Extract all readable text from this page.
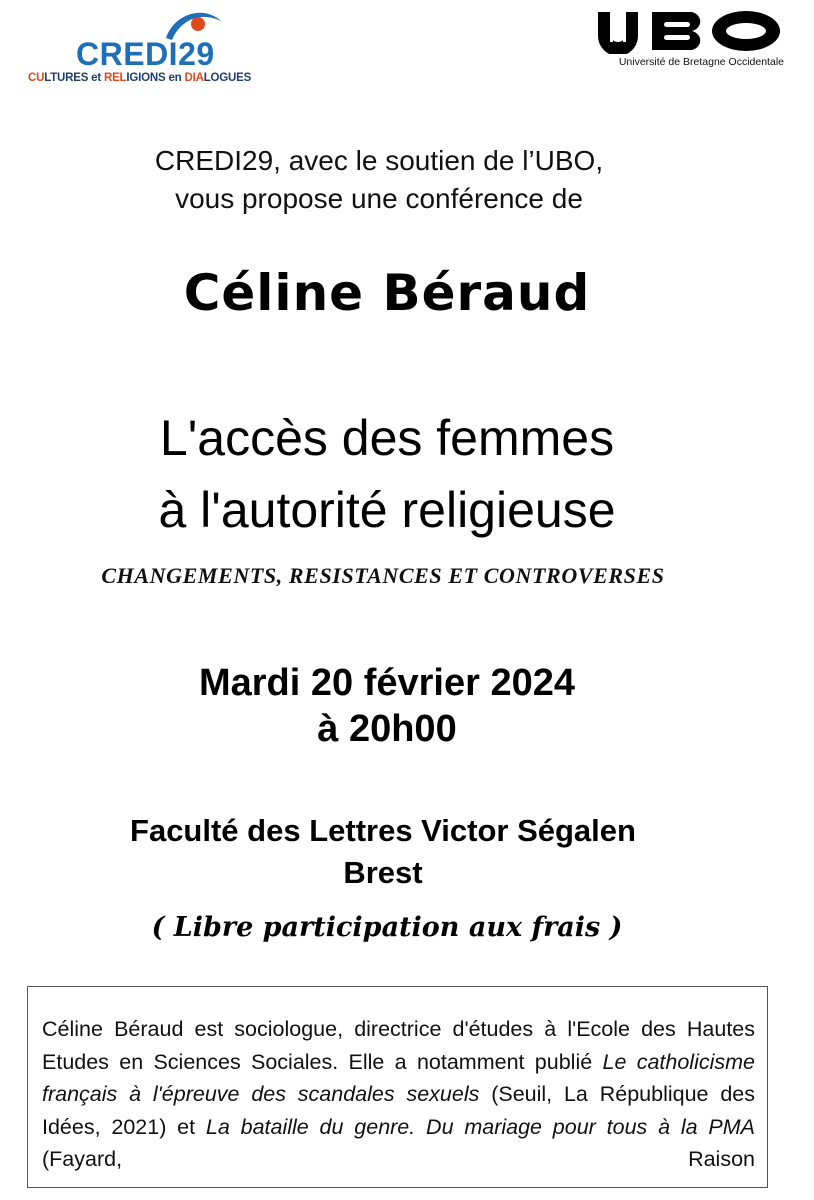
CREDI29
CULTURES et RELIGIONS en DIALOGUES
Université de Bretagne Occidentale
CREDI29, avec le soutien de l’UBO,
vous propose une conférence de
Céline Béraud
L'accès des femmes
à l'autorité religieuse
CHANGEMENTS, RESISTANCES ET CONTROVERSES
Mardi 20 février 2024
à 20h00
Faculté des Lettres Victor Ségalen
Brest
( Libre participation aux frais )
Céline Béraud est sociologue, directrice d'études à l'Ecole des Hautes Etudes en Sciences Sociales. Elle a notamment publié Le catholicisme français à l'épreuve des scandales sexuels (Seuil, La République des Idées, 2021) et La bataille du genre. Du mariage pour tous à la PMA (Fayard, Raison
